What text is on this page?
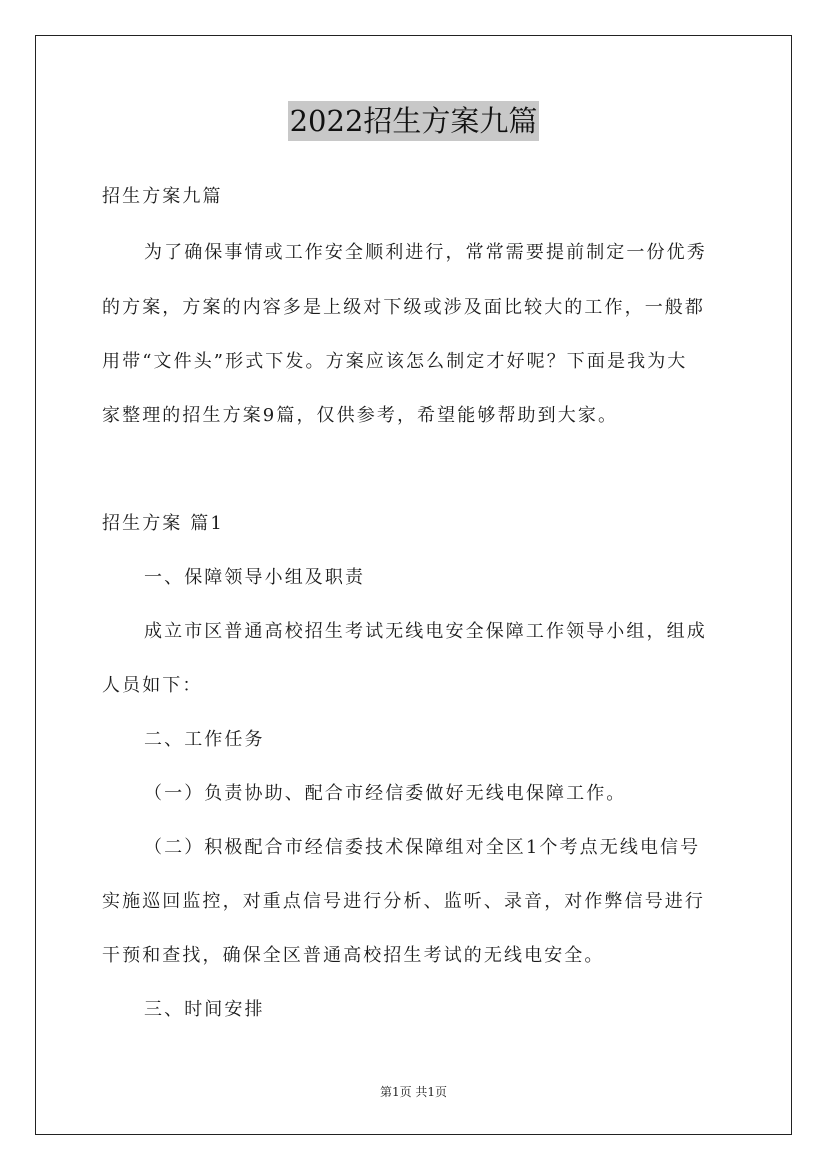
2022招生方案九篇
招生方案九篇
为了确保事情或工作安全顺利进行，常常需要提前制定一份优秀
的方案，方案的内容多是上级对下级或涉及面比较大的工作，一般都
用带“文件头”形式下发。方案应该怎么制定才好呢？下面是我为大
家整理的招生方案9篇，仅供参考，希望能够帮助到大家。
招生方案 篇1
一、保障领导小组及职责
成立市区普通高校招生考试无线电安全保障工作领导小组，组成
人员如下：
二、工作任务
（一）负责协助、配合市经信委做好无线电保障工作。
（二）积极配合市经信委技术保障组对全区1个考点无线电信号
实施巡回监控，对重点信号进行分析、监听、录音，对作弊信号进行
干预和查找，确保全区普通高校招生考试的无线电安全。
三、时间安排
第1页 共1页
